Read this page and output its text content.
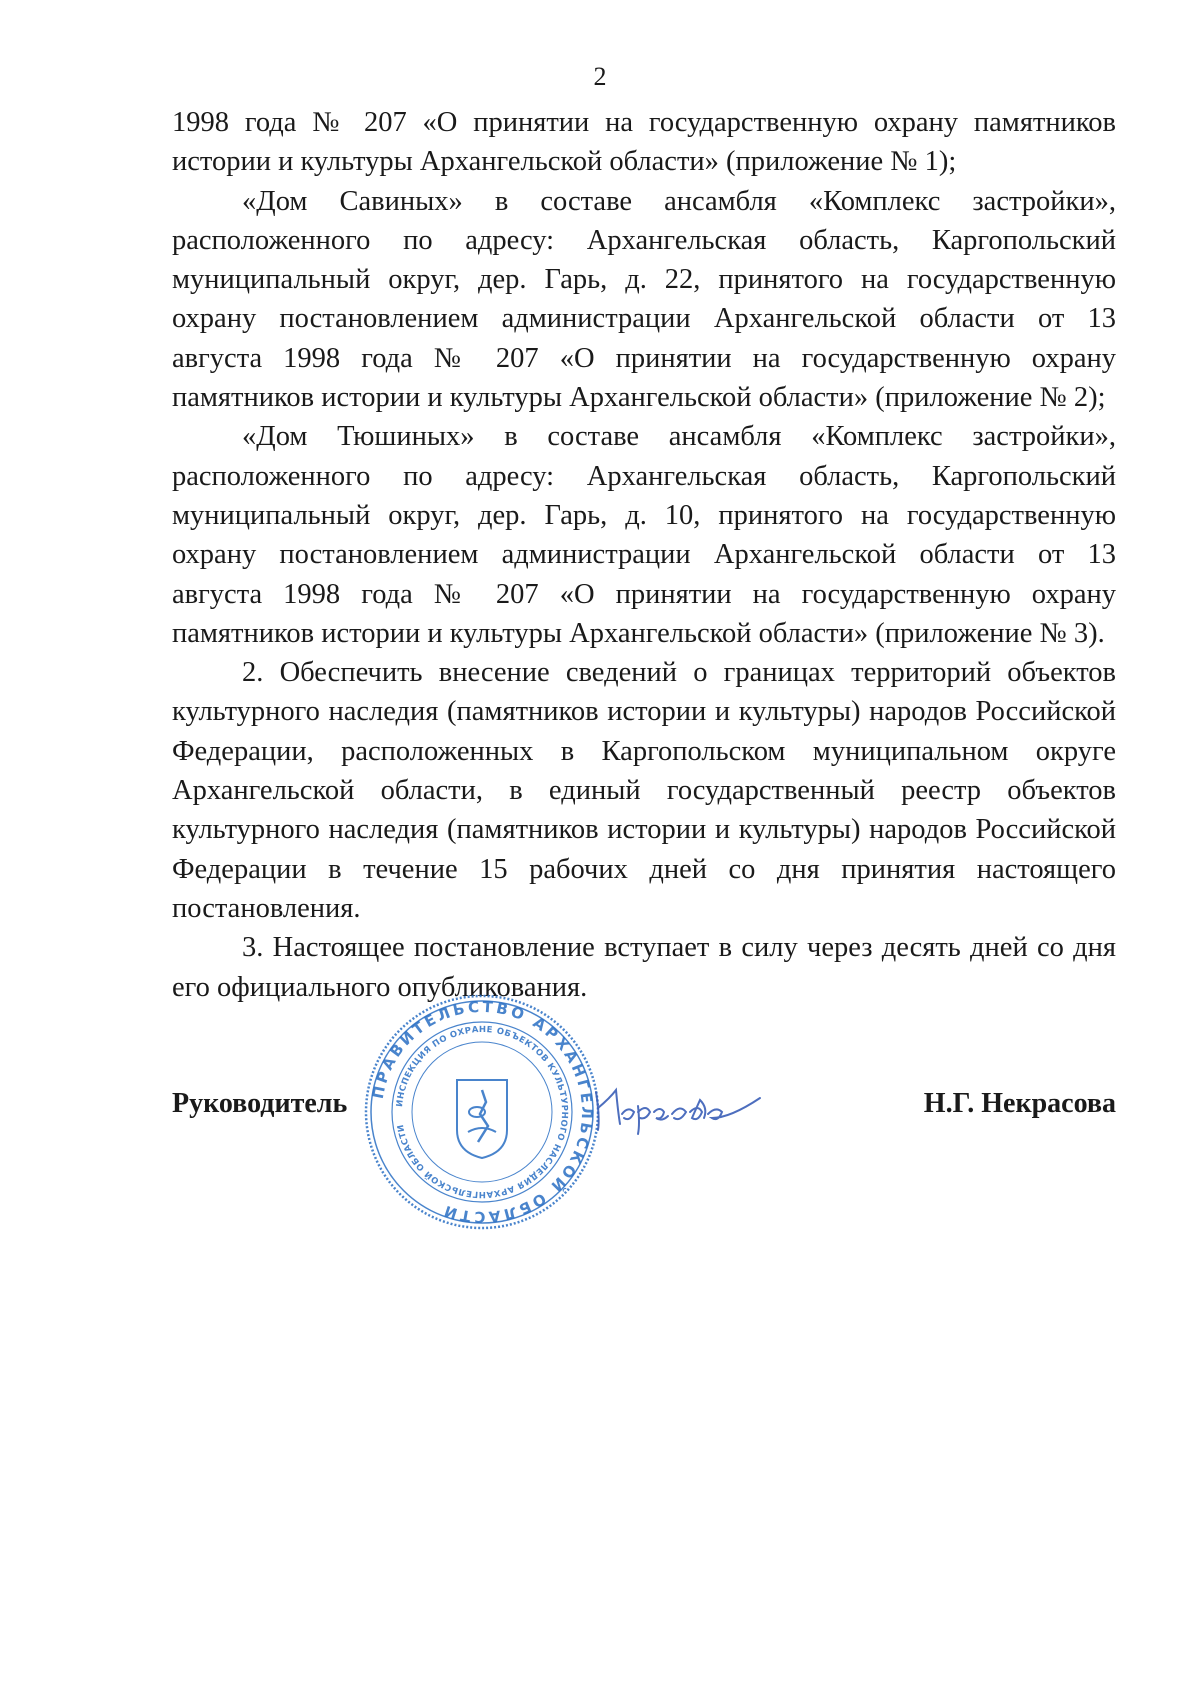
2

1998 года № 207 «О принятии на государственную охрану памятников истории и культуры Архангельской области» (приложение № 1);

«Дом Савиных» в составе ансамбля «Комплекс застройки», расположенного по адресу: Архангельская область, Каргопольский муниципальный округ, дер. Гарь, д. 22, принятого на государственную охрану постановлением администрации Архангельской области от 13 августа 1998 года № 207 «О принятии на государственную охрану памятников истории и культуры Архангельской области» (приложение № 2);

«Дом Тюшиных» в составе ансамбля «Комплекс застройки», расположенного по адресу: Архангельская область, Каргопольский муниципальный округ, дер. Гарь, д. 10, принятого на государственную охрану постановлением администрации Архангельской области от 13 августа 1998 года № 207 «О принятии на государственную охрану памятников истории и культуры Архангельской области» (приложение № 3).

2. Обеспечить внесение сведений о границах территорий объектов культурного наследия (памятников истории и культуры) народов Российской Федерации, расположенных в Каргопольском муниципальном округе Архангельской области, в единый государственный реестр объектов культурного наследия (памятников истории и культуры) народов Российской Федерации в течение 15 рабочих дней со дня принятия настоящего постановления.

3. Настоящее постановление вступает в силу через десять дней со дня его официального опубликования.

Руководитель	Н.Г. Некрасова
ПРАВИТЕЛЬСТВО АРХАНГЕЛЬСКОЙ ОБЛАСТИ
ИНСПЕКЦИЯ ПО ОХРАНЕ ОБЪЕКТОВ КУЛЬТУРНОГО НАСЛЕДИЯ АРХАНГЕЛЬСКОЙ ОБЛАСТИ
